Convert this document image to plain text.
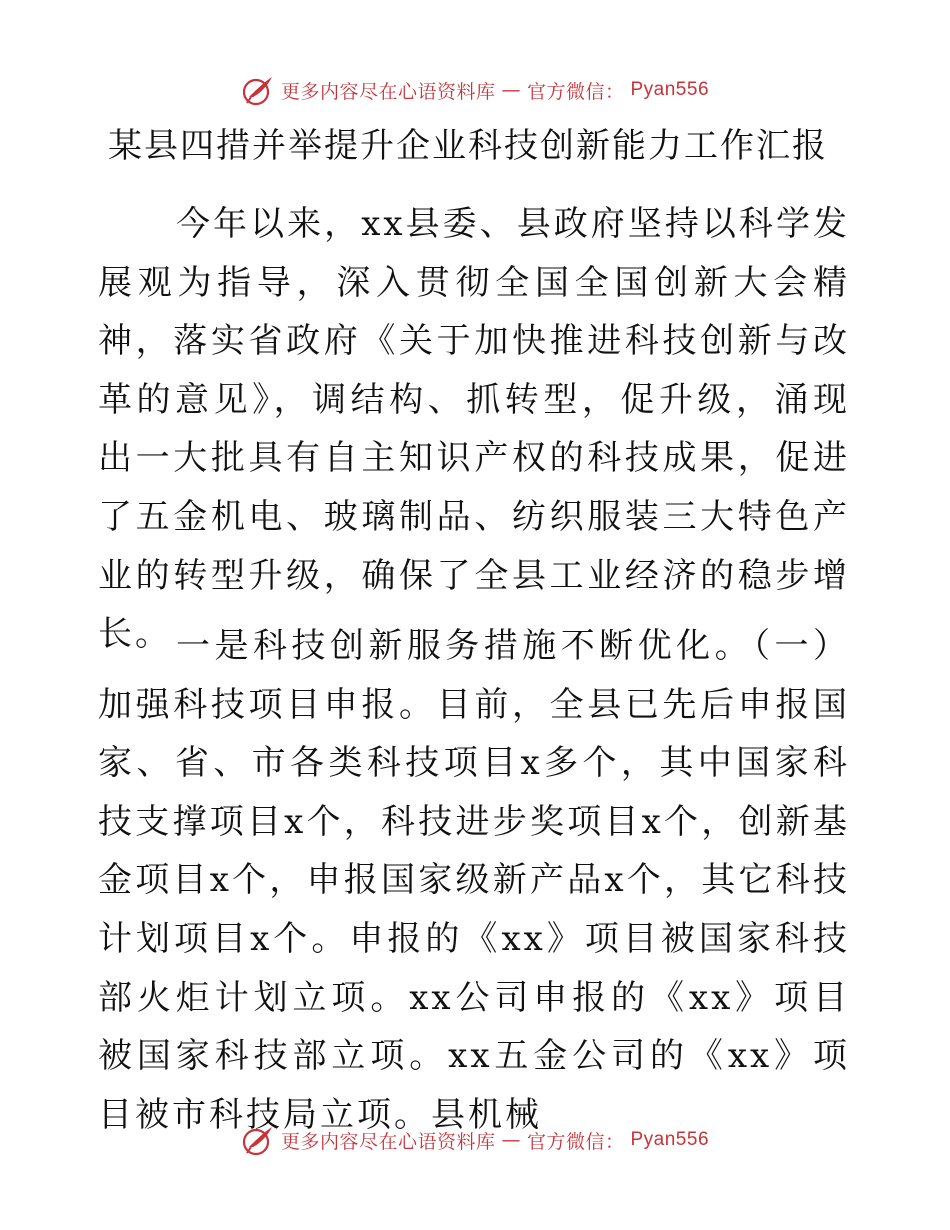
更多内容尽在心语资料库 — 官方微信： Pyan556
某县四措并举提升企业科技创新能力工作汇报
今年以来，xx县委、县政府坚持以科学发展观为指导，深入贯彻全国全国创新大会精神，落实省政府《关于加快推进科技创新与改革的意见》，调结构、抓转型，促升级，涌现出一大批具有自主知识产权的科技成果，促进了五金机电、玻璃制品、纺织服装三大特色产业的转型升级，确保了全县工业经济的稳步增长。 一是科技创新服务措施不断优化。（一）加强科技项目申报。目前，全县已先后申报国家、省、市各类科技项目x多个，其中国家科技支撑项目x个，科技进步奖项目x个，创新基金项目x个，申报国家级新产品x个，其它科技计划项目x个。申报的《xx》项目被国家科技部火炬计划立项。xx公司申报的《xx》项目被国家科技部立项。xx五金公司的《xx》项目被市科技局立项。县机械
更多内容尽在心语资料库 — 官方微信： Pyan556
